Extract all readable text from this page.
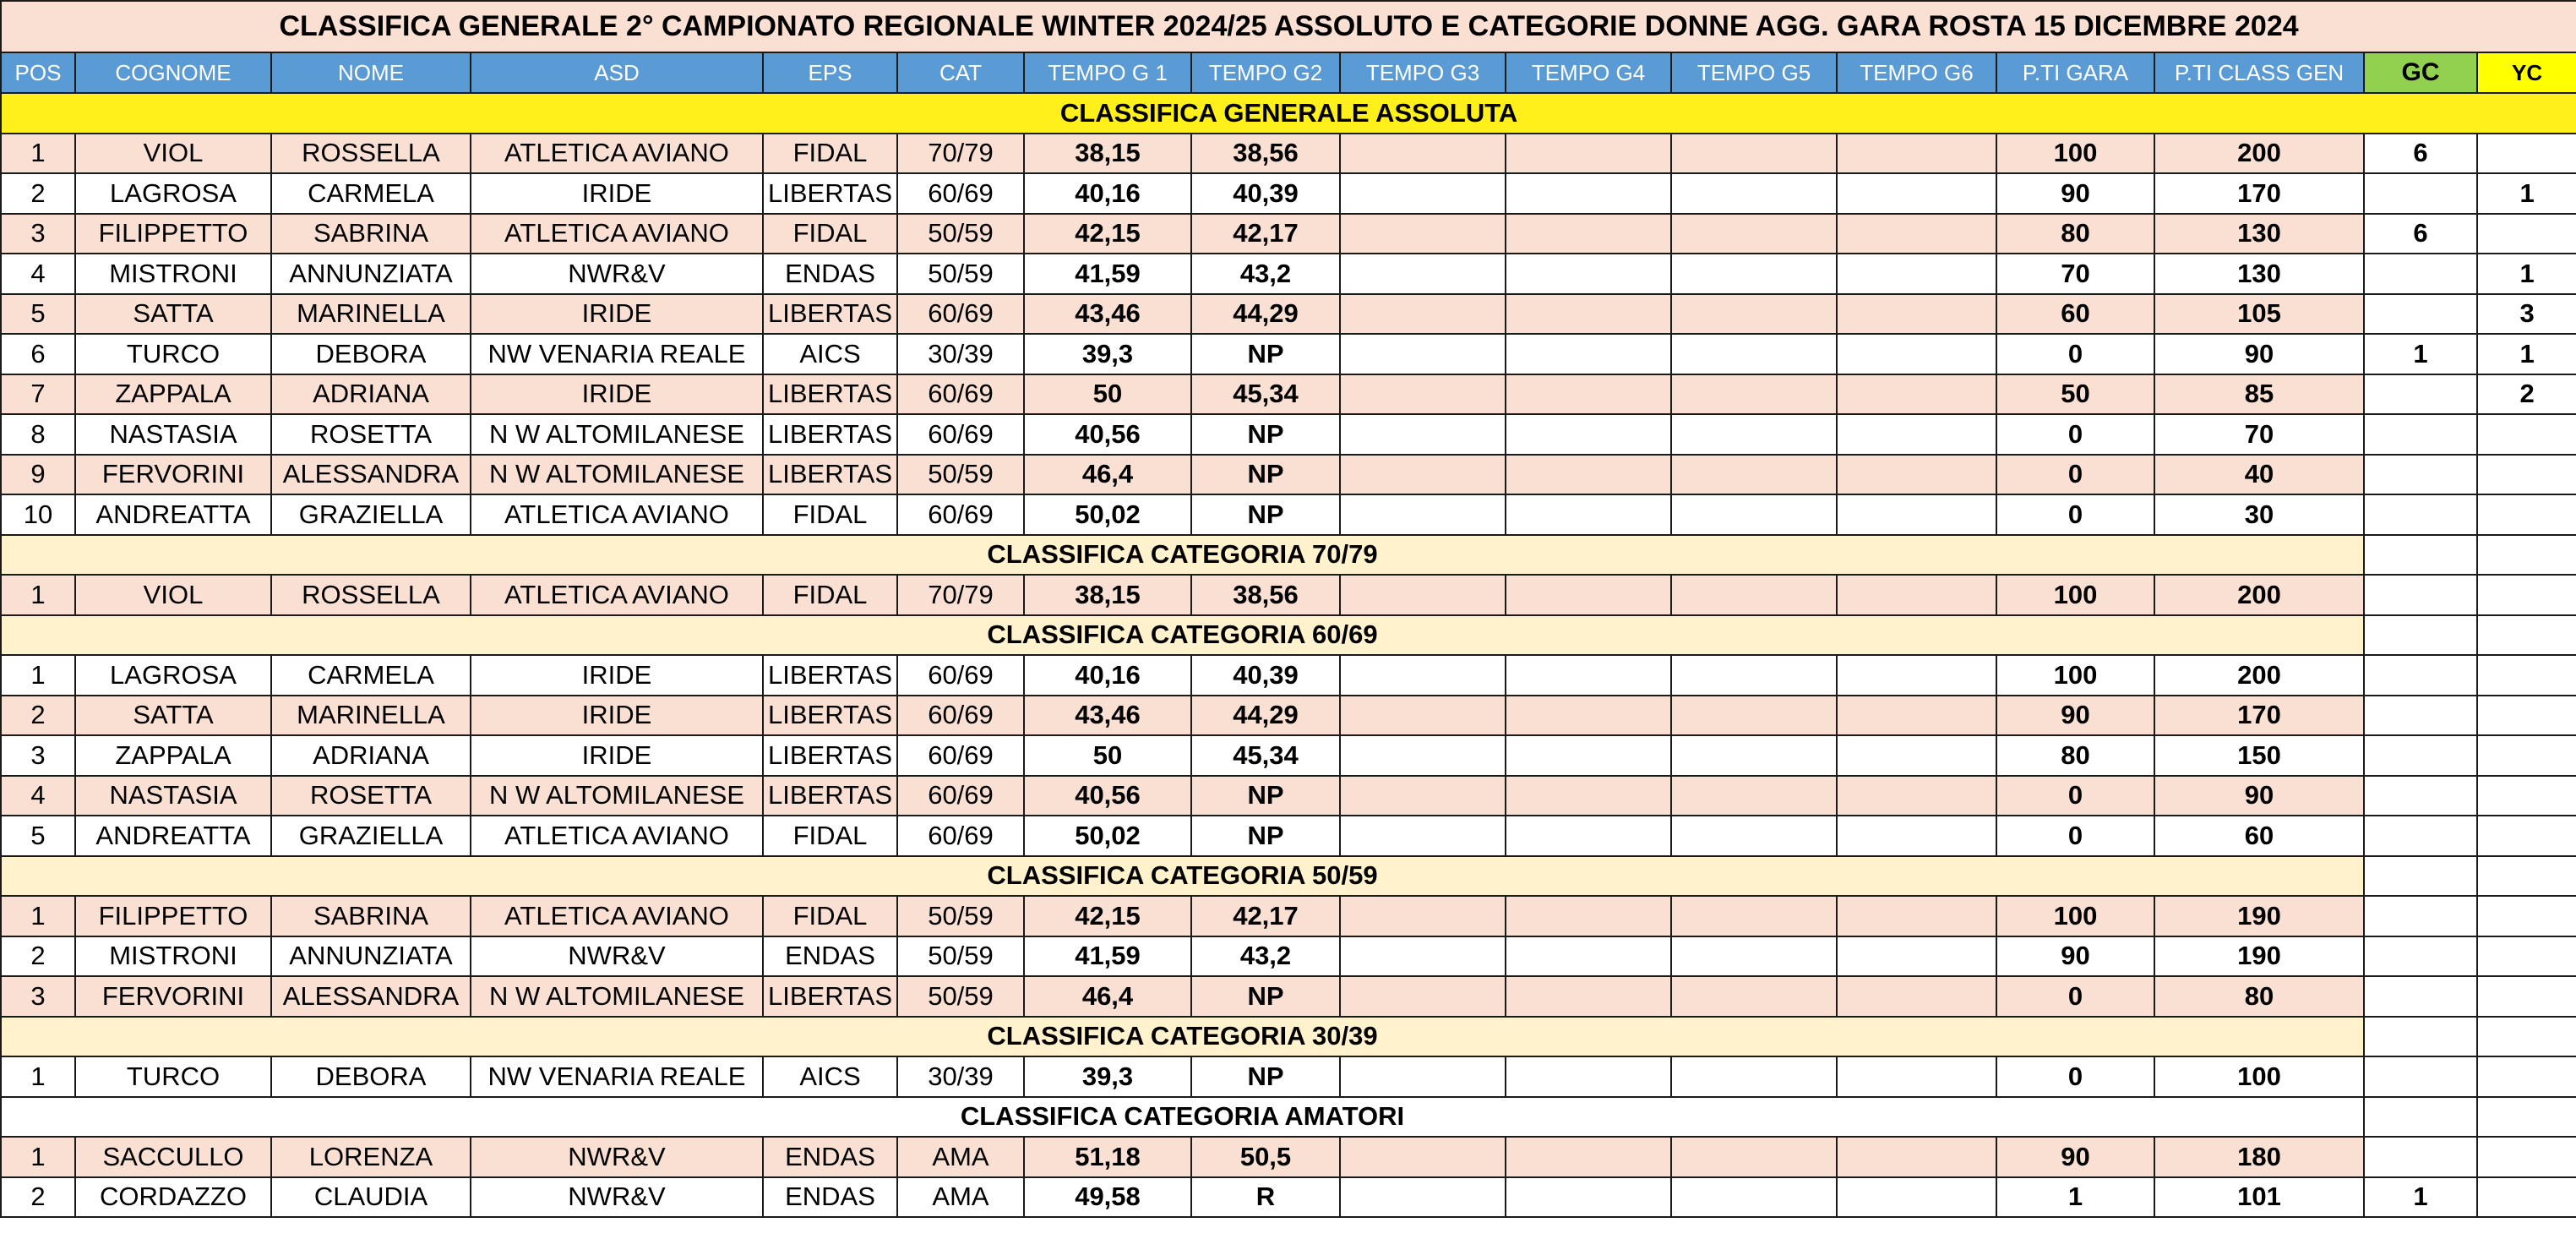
CLASSIFICA GENERALE 2° CAMPIONATO REGIONALE WINTER 2024/25 ASSOLUTO E CATEGORIE DONNE AGG. GARA ROSTA 15 DICEMBRE 2024															
POS	COGNOME	NOME	ASD	EPS	CAT	TEMPO G 1	TEMPO G2	TEMPO G3	TEMPO G4	TEMPO G5	TEMPO G6	P.TI GARA	P.TI CLASS GEN	GC	YC
CLASSIFICA GENERALE ASSOLUTA															
1	VIOL	ROSSELLA	ATLETICA AVIANO	FIDAL	70/79	38,15	38,56					100	200	6	
2	LAGROSA	CARMELA	IRIDE	LIBERTAS	60/69	40,16	40,39					90	170		1
3	FILIPPETTO	SABRINA	ATLETICA AVIANO	FIDAL	50/59	42,15	42,17					80	130	6	
4	MISTRONI	ANNUNZIATA	NWR&V	ENDAS	50/59	41,59	43,2					70	130		1
5	SATTA	MARINELLA	IRIDE	LIBERTAS	60/69	43,46	44,29					60	105		3
6	TURCO	DEBORA	NW VENARIA REALE	AICS	30/39	39,3	NP					0	90	1	1
7	ZAPPALA	ADRIANA	IRIDE	LIBERTAS	60/69	50	45,34					50	85		2
8	NASTASIA	ROSETTA	N W ALTOMILANESE	LIBERTAS	60/69	40,56	NP					0	70		
9	FERVORINI	ALESSANDRA	N W ALTOMILANESE	LIBERTAS	50/59	46,4	NP					0	40		
10	ANDREATTA	GRAZIELLA	ATLETICA AVIANO	FIDAL	60/69	50,02	NP					0	30		
CLASSIFICA CATEGORIA 70/79															
1	VIOL	ROSSELLA	ATLETICA AVIANO	FIDAL	70/79	38,15	38,56					100	200		
CLASSIFICA CATEGORIA 60/69															
1	LAGROSA	CARMELA	IRIDE	LIBERTAS	60/69	40,16	40,39					100	200		
2	SATTA	MARINELLA	IRIDE	LIBERTAS	60/69	43,46	44,29					90	170		
3	ZAPPALA	ADRIANA	IRIDE	LIBERTAS	60/69	50	45,34					80	150		
4	NASTASIA	ROSETTA	N W ALTOMILANESE	LIBERTAS	60/69	40,56	NP					0	90		
5	ANDREATTA	GRAZIELLA	ATLETICA AVIANO	FIDAL	60/69	50,02	NP					0	60		
CLASSIFICA CATEGORIA 50/59															
1	FILIPPETTO	SABRINA	ATLETICA AVIANO	FIDAL	50/59	42,15	42,17					100	190		
2	MISTRONI	ANNUNZIATA	NWR&V	ENDAS	50/59	41,59	43,2					90	190		
3	FERVORINI	ALESSANDRA	N W ALTOMILANESE	LIBERTAS	50/59	46,4	NP					0	80		
CLASSIFICA CATEGORIA 30/39															
1	TURCO	DEBORA	NW VENARIA REALE	AICS	30/39	39,3	NP					0	100		
CLASSIFICA CATEGORIA AMATORI															
1	SACCULLO	LORENZA	NWR&V	ENDAS	AMA	51,18	50,5					90	180		
2	CORDAZZO	CLAUDIA	NWR&V	ENDAS	AMA	49,58	R					1	101	1	
